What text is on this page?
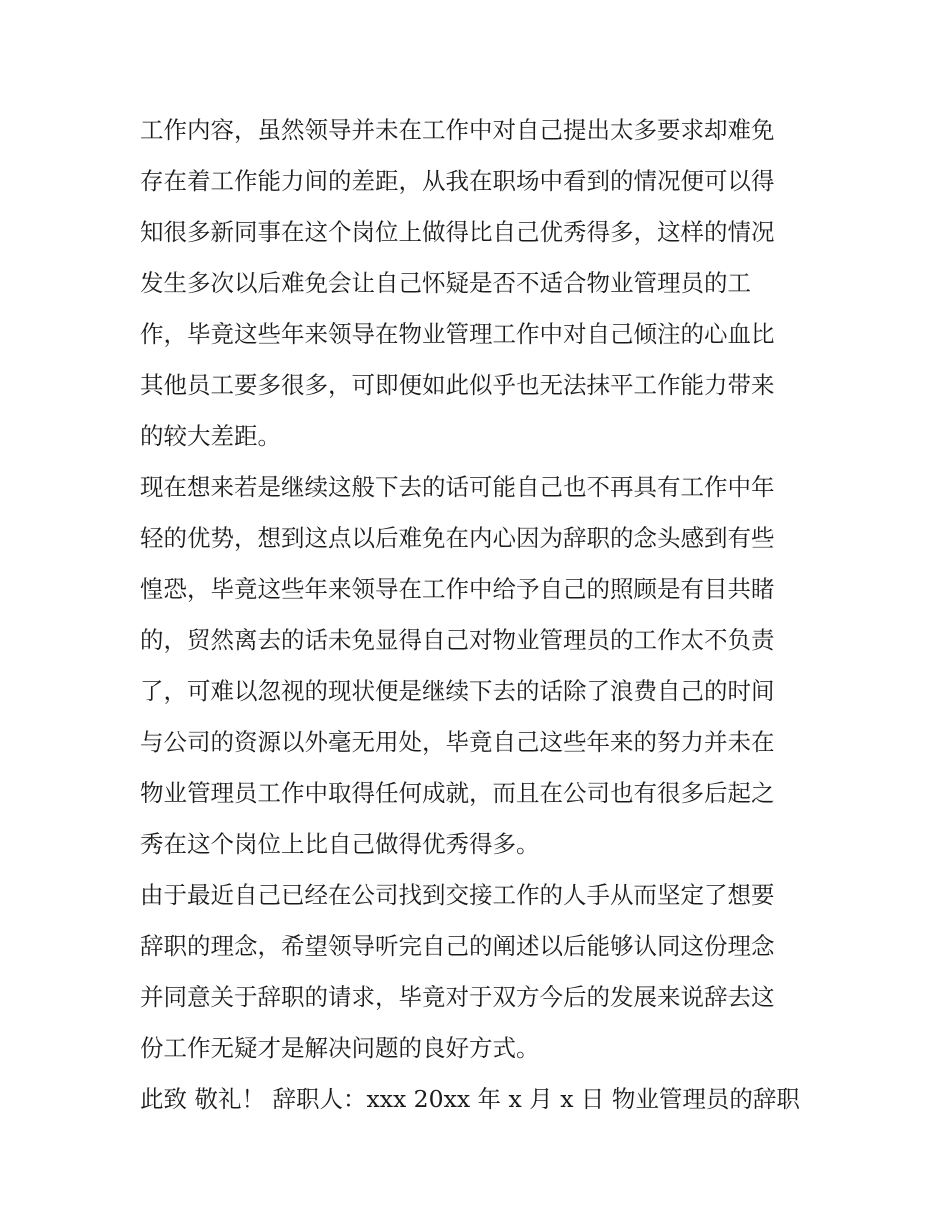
工作内容，虽然领导并未在工作中对自己提出太多要求却难免
存在着工作能力间的差距，从我在职场中看到的情况便可以得
知很多新同事在这个岗位上做得比自己优秀得多，这样的情况
发生多次以后难免会让自己怀疑是否不适合物业管理员的工
作，毕竟这些年来领导在物业管理工作中对自己倾注的心血比
其他员工要多很多，可即便如此似乎也无法抹平工作能力带来
的较大差距。
现在想来若是继续这般下去的话可能自己也不再具有工作中年
轻的优势，想到这点以后难免在内心因为辞职的念头感到有些
惶恐，毕竟这些年来领导在工作中给予自己的照顾是有目共睹
的，贸然离去的话未免显得自己对物业管理员的工作太不负责
了，可难以忽视的现状便是继续下去的话除了浪费自己的时间
与公司的资源以外毫无用处，毕竟自己这些年来的努力并未在
物业管理员工作中取得任何成就，而且在公司也有很多后起之
秀在这个岗位上比自己做得优秀得多。
由于最近自己已经在公司找到交接工作的人手从而坚定了想要
辞职的理念，希望领导听完自己的阐述以后能够认同这份理念
并同意关于辞职的请求，毕竟对于双方今后的发展来说辞去这
份工作无疑才是解决问题的良好方式。
此致 敬礼！ 辞职人：xxx 20xx 年 x 月 x 日 物业管理员的辞职
